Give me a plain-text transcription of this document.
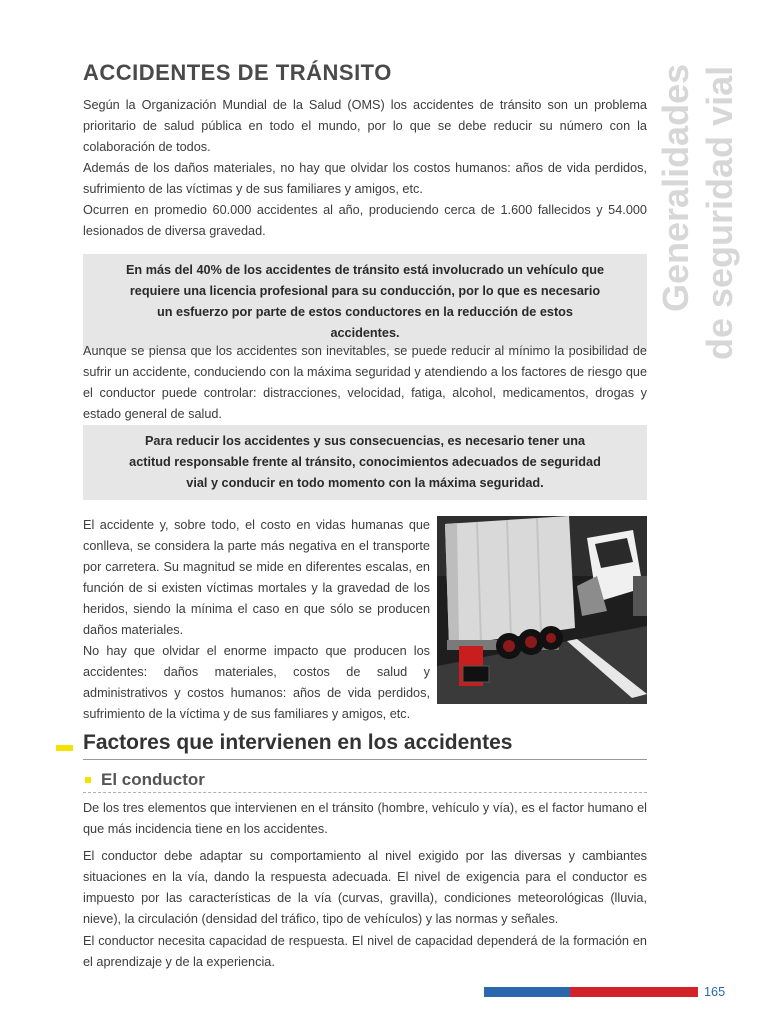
ACCIDENTES DE TRÁNSITO	Generalidades de seguridad vial

Según la Organización Mundial de la Salud (OMS) los accidentes de tránsito son un problema prioritario de salud pública en todo el mundo, por lo que se debe reducir su número con la colaboración de todos.

Además de los daños materiales, no hay que olvidar los costos humanos: años de vida perdidos, sufrimiento de las víctimas y de sus familiares y amigos, etc.

Ocurren en promedio 60.000 accidentes al año, produciendo cerca de 1.600 fallecidos y 54.000 lesionados de diversa gravedad.

En más del 40% de los accidentes de tránsito está involucrado un vehículo que requiere una licencia profesional para su conducción, por lo que es necesario un esfuerzo por parte de estos conductores en la reducción de estos accidentes.

Aunque se piensa que los accidentes son inevitables, se puede reducir al mínimo la posibilidad de sufrir un accidente, conduciendo con la máxima seguridad y atendiendo a los factores de riesgo que el conductor puede controlar: distracciones, velocidad, fatiga, alcohol, medicamentos, drogas y estado general de salud.

Para reducir los accidentes y sus consecuencias, es necesario tener una actitud responsable frente al tránsito, conocimientos adecuados de seguridad vial y conducir en todo momento con la máxima seguridad.

El accidente y, sobre todo, el costo en vidas humanas que conlleva, se considera la parte más negativa en el transporte por carretera. Su magnitud se mide en diferentes escalas, en función de si existen víctimas mortales y la gravedad de los heridos, siendo la mínima el caso en que sólo se producen daños materiales.

No hay que olvidar el enorme impacto que producen los accidentes: daños materiales, costos de salud y administrativos y costos humanos: años de vida perdidos, sufrimiento de la víctima y de sus familiares y amigos, etc.

Factores que intervienen en los accidentes
El conductor

De los tres elementos que intervienen en el tránsito (hombre, vehículo y vía), es el factor humano el que más incidencia tiene en los accidentes.

El conductor debe adaptar su comportamiento al nivel exigido por las diversas y cambiantes situaciones en la vía, dando la respuesta adecuada. El nivel de exigencia para el conductor es impuesto por las características de la vía (curvas, gravilla), condiciones meteorológicas (lluvia, nieve), la circulación (densidad del tráfico, tipo de vehículos) y las normas y señales.

El conductor necesita capacidad de respuesta. El nivel de capacidad dependerá de la formación en el aprendizaje y de la experiencia.

165
